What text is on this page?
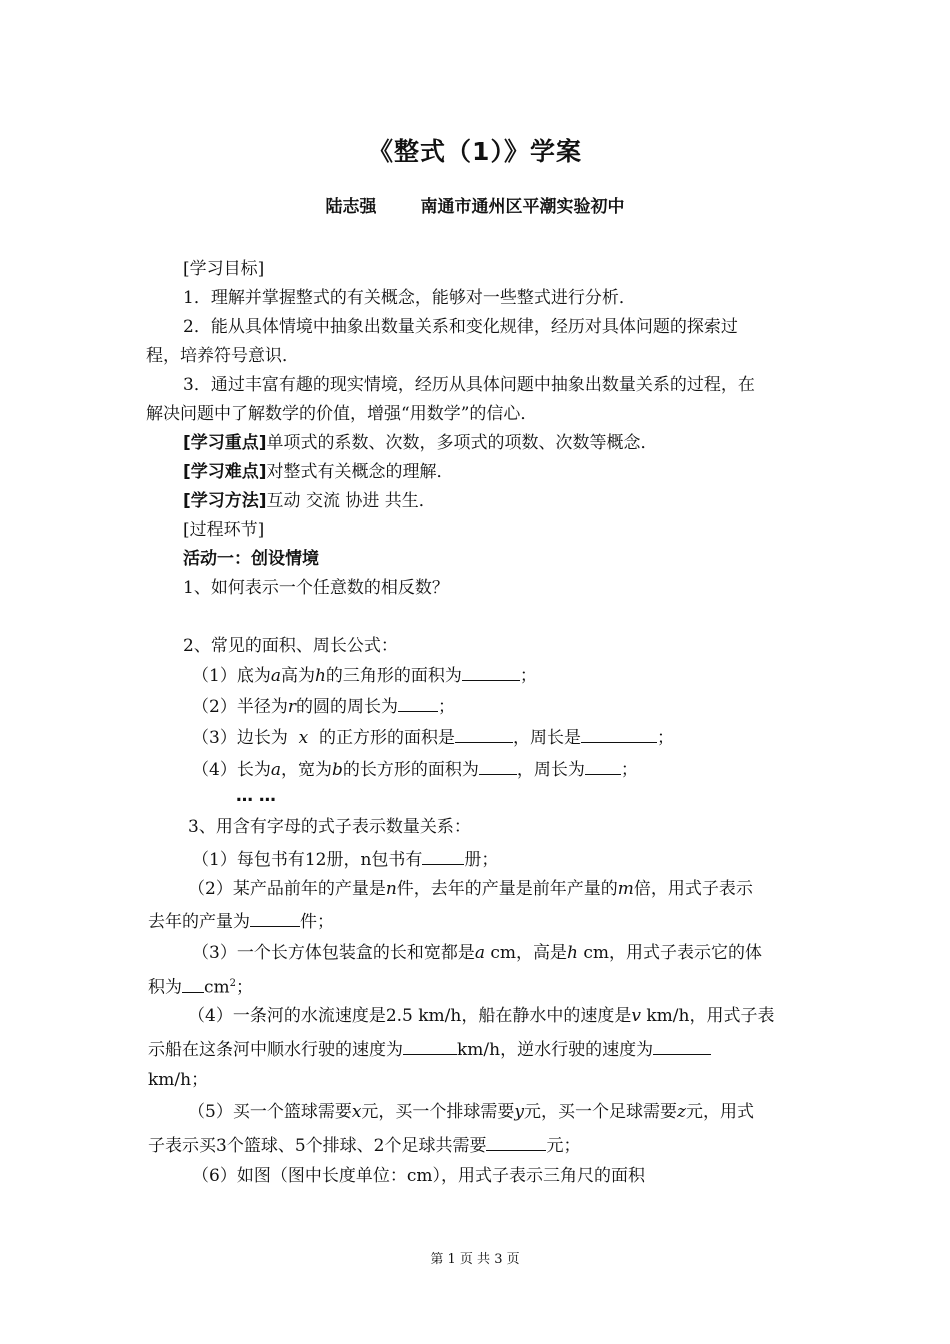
《整式（1）》学案
陆志强	南通市通州区平潮实验初中
[学习目标]
1．理解并掌握整式的有关概念，能够对一些整式进行分析．
2．能从具体情境中抽象出数量关系和变化规律，经历对具体问题的探索过
程，培养符号意识．
3．通过丰富有趣的现实情境，经历从具体问题中抽象出数量关系的过程，在
解决问题中了解数学的价值，增强“用数学”的信心．
[学习重点]单项式的系数、次数，多项式的项数、次数等概念．
[学习难点]对整式有关概念的理解．
[学习方法]互动 交流 协进 共生．
[过程环节]
活动一：创设情境
1、如何表示一个任意数的相反数？
2、常见的面积、周长公式：
（1）底为a高为h的三角形的面积为	；
（2）半径为r的圆的周长为 ；
（3）边长为 x 的正方形的面积是	，周长是	；
（4）长为a，宽为b的长方形的面积为 ，周长为 ；
… …
3、用含有字母的式子表示数量关系：
（1）每包书有12册，n包书有 册；
（2）某产品前年的产量是n件，去年的产量是前年产量的m倍，用式子表示
去年的产量为	件；
（3）一个长方体包装盒的长和宽都是a cm，高是h cm，用式子表示它的体
积为 $cm^2$；
（4）一条河的水流速度是2.5 km/h，船在静水中的速度是v km/h，用式子表
示船在这条河中顺水行驶的速度为	km/h，逆水行驶的速度为
km/h；
（5）买一个篮球需要x元，买一个排球需要y元，买一个足球需要z元，用式
子表示买3个篮球、5个排球、2个足球共需要	元；
（6）如图（图中长度单位：cm），用式子表示三角尺的面积
第 1 页 共 3 页
